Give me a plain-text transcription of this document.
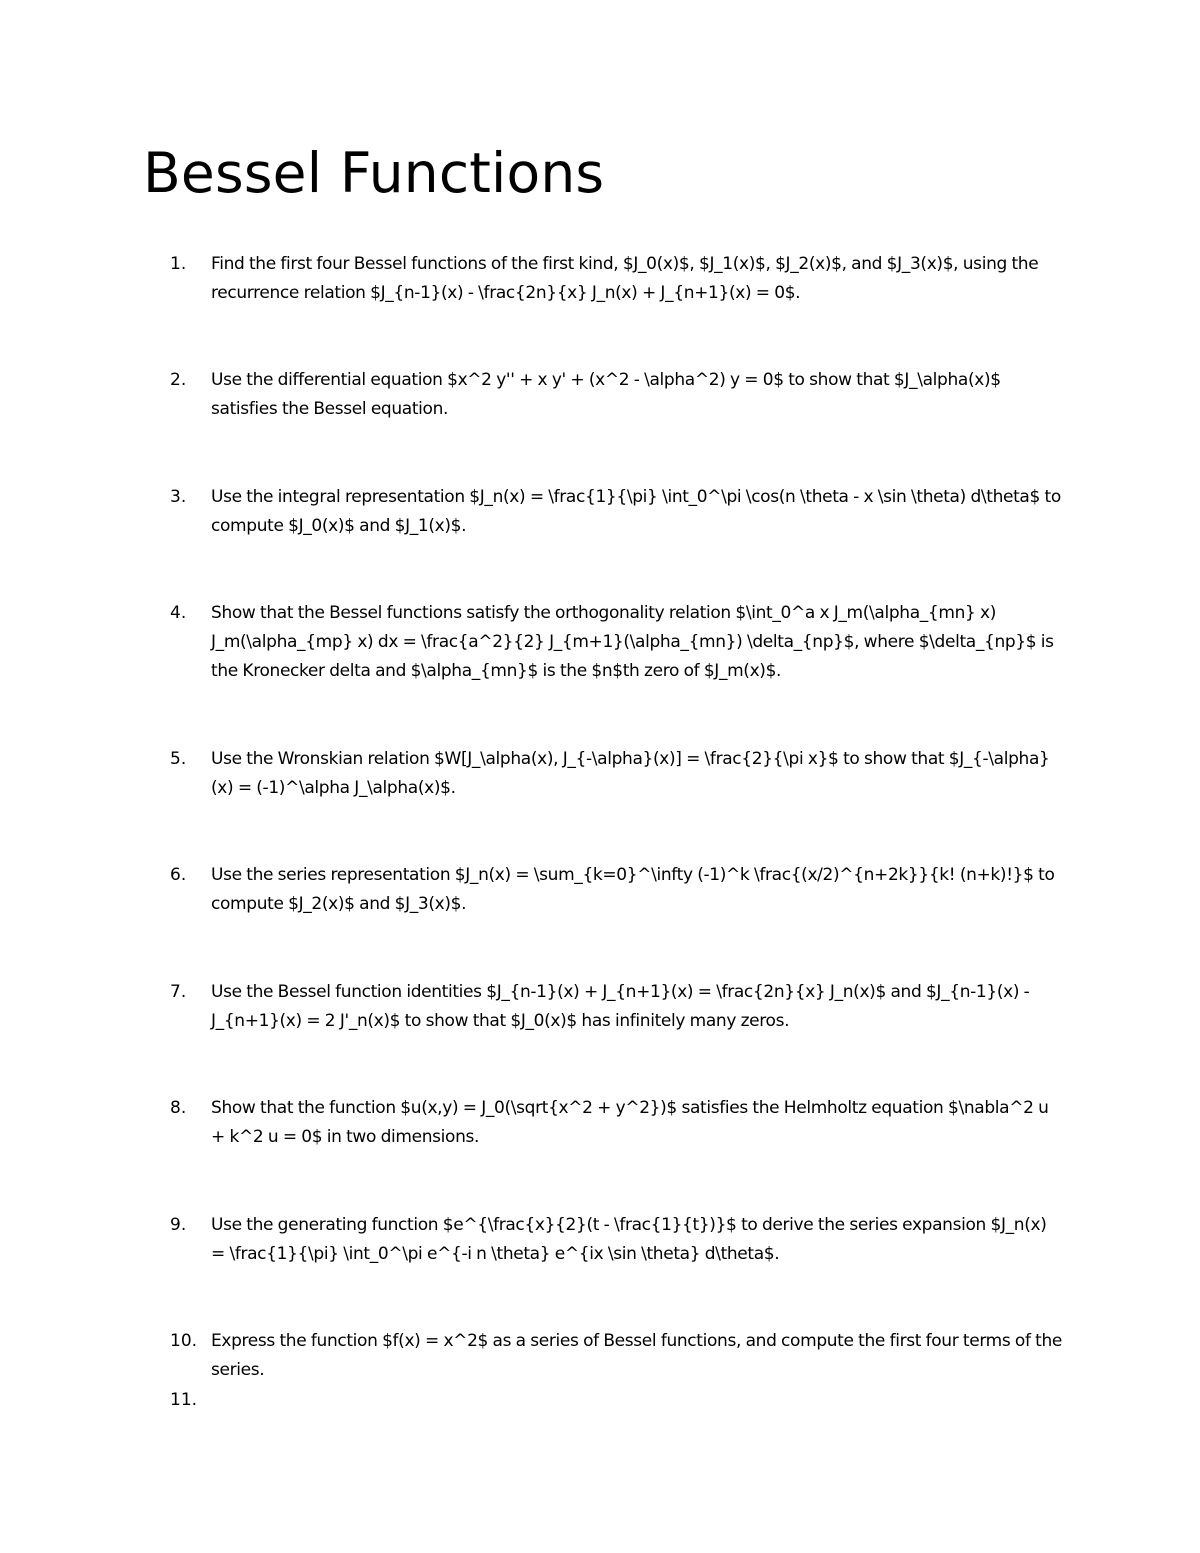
Bessel Functions
1.	Find the first four Bessel functions of the first kind, $J_0(x)$, $J_1(x)$, $J_2(x)$, and $J_3(x)$, using the recurrence relation $J_{n-1}(x) - \frac{2n}{x} J_n(x) + J_{n+1}(x) = 0$.
2.	Use the differential equation $x^2 y'' + x y' + (x^2 - \alpha^2) y = 0$ to show that $J_\alpha(x)$ satisfies the Bessel equation.
3.	Use the integral representation $J_n(x) = \frac{1}{\pi} \int_0^\pi \cos(n \theta - x \sin \theta) d\theta$ to compute $J_0(x)$ and $J_1(x)$.
4.	Show that the Bessel functions satisfy the orthogonality relation $\int_0^a x J_m(\alpha_{mn} x) J_m(\alpha_{mp} x) dx = \frac{a^2}{2} J_{m+1}(\alpha_{mn}) \delta_{np}$, where $\delta_{np}$ is the Kronecker delta and $\alpha_{mn}$ is the $n$th zero of $J_m(x)$.
5.	Use the Wronskian relation $W[J_\alpha(x), J_{-\alpha}(x)] = \frac{2}{\pi x}$ to show that $J_{-\alpha}(x) = (-1)^\alpha J_\alpha(x)$.
6.	Use the series representation $J_n(x) = \sum_{k=0}^\infty (-1)^k \frac{(x/2)^{n+2k}}{k! (n+k)!}$ to compute $J_2(x)$ and $J_3(x)$.
7.	Use the Bessel function identities $J_{n-1}(x) + J_{n+1}(x) = \frac{2n}{x} J_n(x)$ and $J_{n-1}(x) - J_{n+1}(x) = 2 J'_n(x)$ to show that $J_0(x)$ has infinitely many zeros.
8.	Show that the function $u(x,y) = J_0(\sqrt{x^2 + y^2})$ satisfies the Helmholtz equation $\nabla^2 u + k^2 u = 0$ in two dimensions.
9.	Use the generating function $e^{\frac{x}{2}(t - \frac{1}{t})}$ to derive the series expansion $J_n(x) = \frac{1}{\pi} \int_0^\pi e^{-i n \theta} e^{ix \sin \theta} d\theta$.
10. Express the function $f(x) = x^2$ as a series of Bessel functions, and compute the first four terms of the series.
11.
